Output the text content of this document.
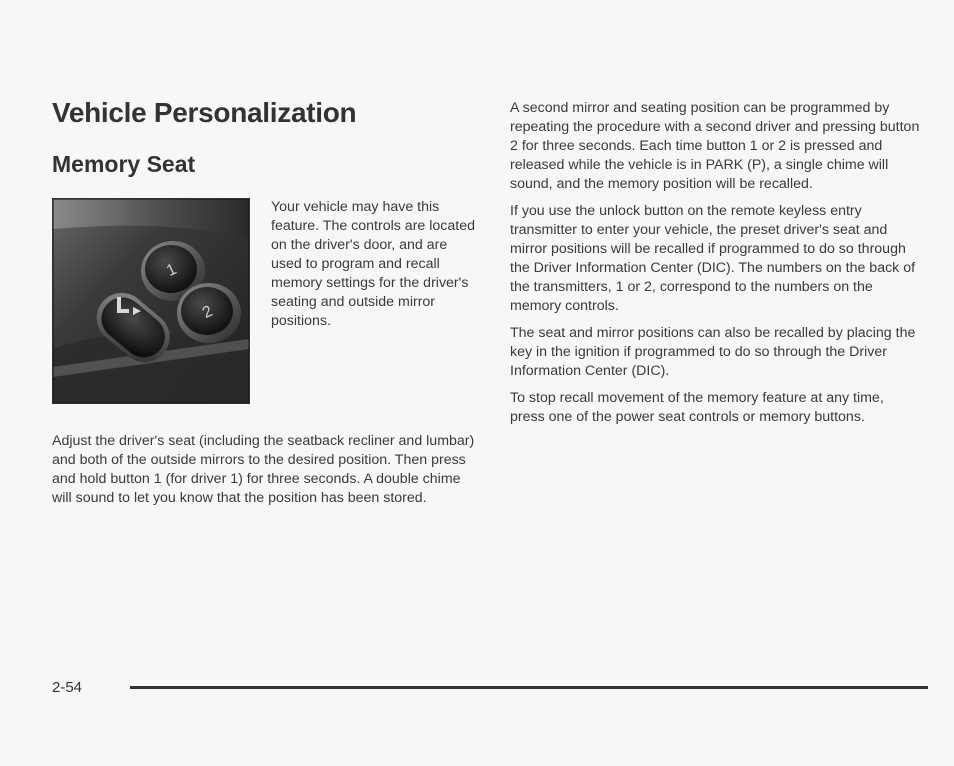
Vehicle Personalization
Memory Seat
1
2

Your vehicle may have this feature. The controls are located on the driver's door, and are used to program and recall memory settings for the driver's seating and outside mirror positions.

Adjust the driver's seat (including the seatback recliner and lumbar) and both of the outside mirrors to the desired position. Then press and hold button 1 (for driver 1) for three seconds. A double chime will sound to let you know that the position has been stored.

A second mirror and seating position can be programmed by repeating the procedure with a second driver and pressing button 2 for three seconds. Each time button 1 or 2 is pressed and released while the vehicle is in PARK (P), a single chime will sound, and the memory position will be recalled.

If you use the unlock button on the remote keyless entry transmitter to enter your vehicle, the preset driver's seat and mirror positions will be recalled if programmed to do so through the Driver Information Center (DIC). The numbers on the back of the transmitters, 1 or 2, correspond to the numbers on the memory controls.

The seat and mirror positions can also be recalled by placing the key in the ignition if programmed to do so through the Driver Information Center (DIC).

To stop recall movement of the memory feature at any time, press one of the power seat controls or memory buttons.

2-54
